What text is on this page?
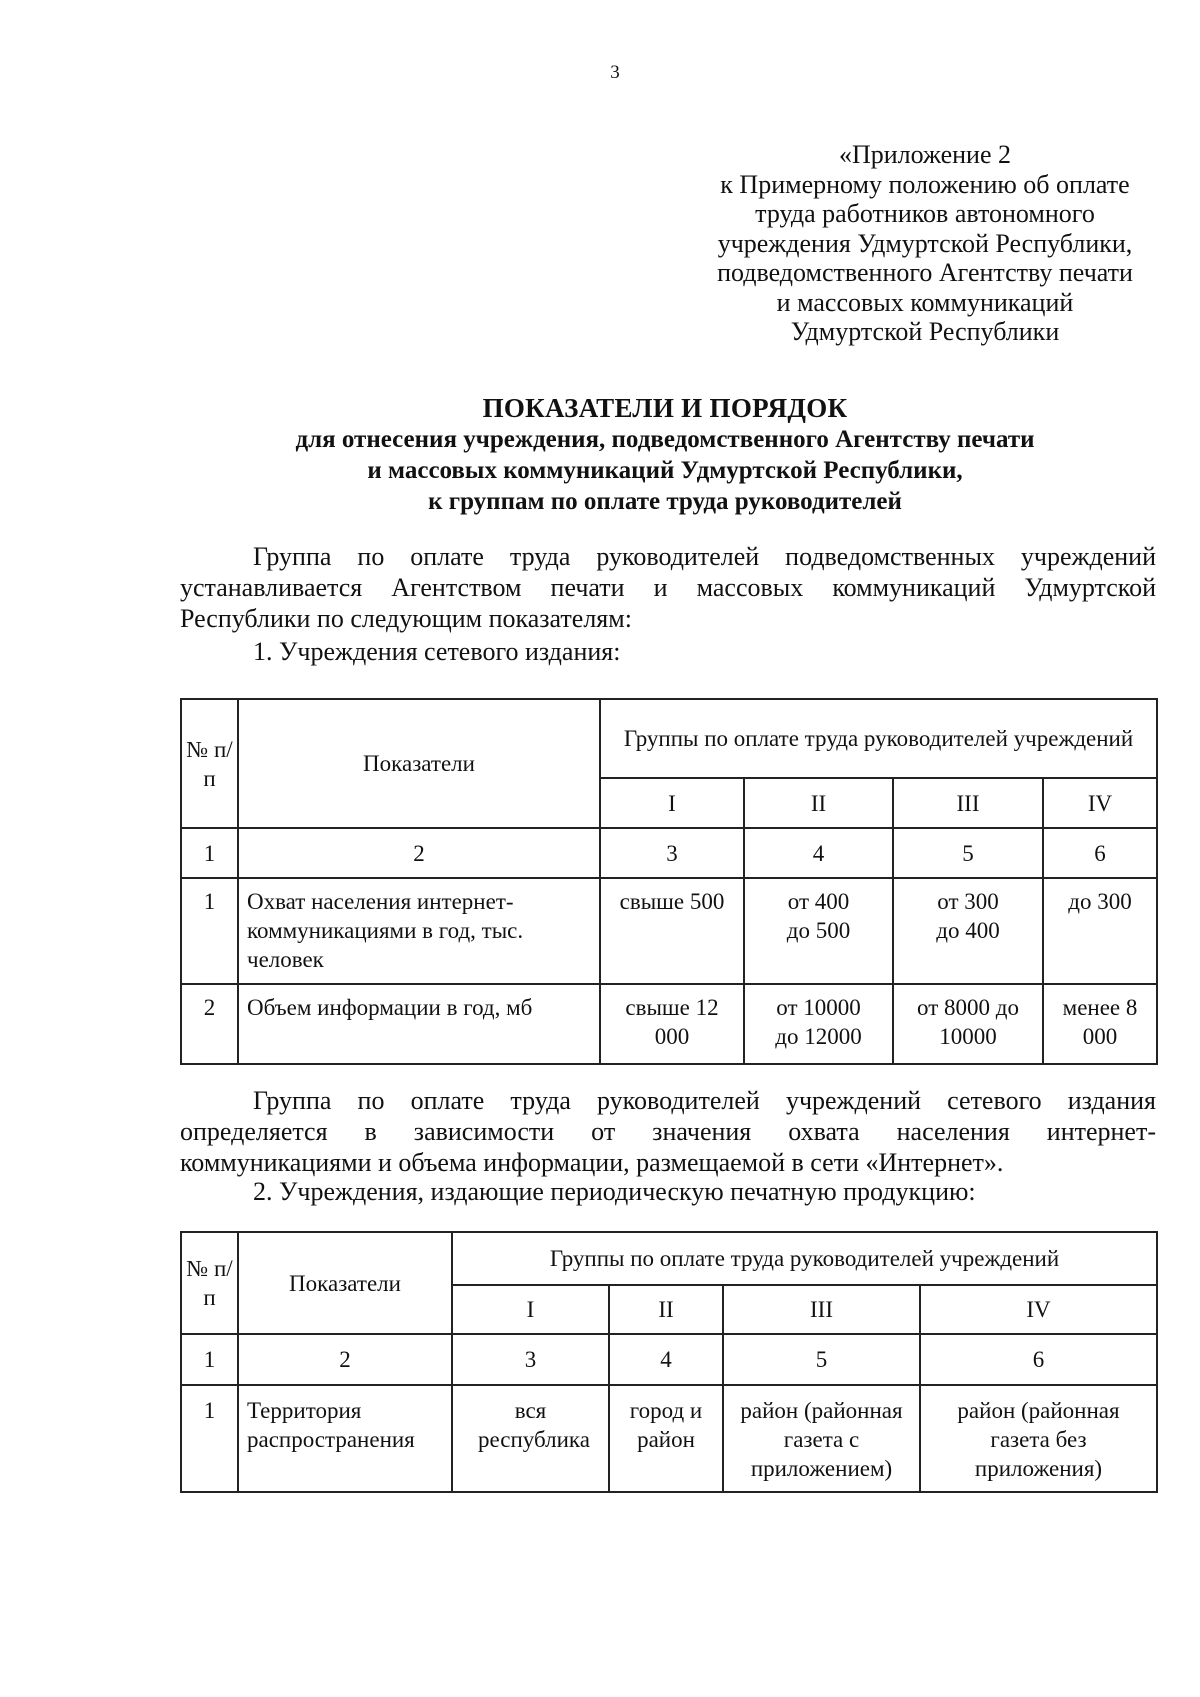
3
«Приложение 2
к Примерному положению об оплате
труда работников автономного
учреждения Удмуртской Республики,
подведомственного Агентству печати
и массовых коммуникаций
Удмуртской Республики
ПОКАЗАТЕЛИ И ПОРЯДОК
для отнесения учреждения, подведомственного Агентству печати
и массовых коммуникаций Удмуртской Республики,
к группам по оплате труда руководителей
Группа по оплате труда руководителей подведомственных учреждений
устанавливается Агентством печати и массовых коммуникаций Удмуртской
Республики по следующим показателям:
1. Учреждения сетевого издания:
№ п/п	Показатели	Группы по оплате труда руководителей учреждений			
		I	II	III	IV
1	2	3	4	5	6
1	Охват населения интернет-коммуникациями в год, тыс. человек	свыше 500	от 400 до 500	от 300 до 400	до 300
2	Объем информации в год, мб	свыше 12 000	от 10000 до 12000	от 8000 до 10000	менее 8 000
Группа по оплате труда руководителей учреждений сетевого издания
определяется в зависимости от значения охвата населения интернет-
коммуникациями и объема информации, размещаемой в сети «Интернет».
2. Учреждения, издающие периодическую печатную продукцию:
№ п/п	Показатели	Группы по оплате труда руководителей учреждений			
		I	II	III	IV
1	2	3	4	5	6
1	Территория распространения	вся республика	город и район	район (районная газета с приложением)	район (районная газета без приложения)
